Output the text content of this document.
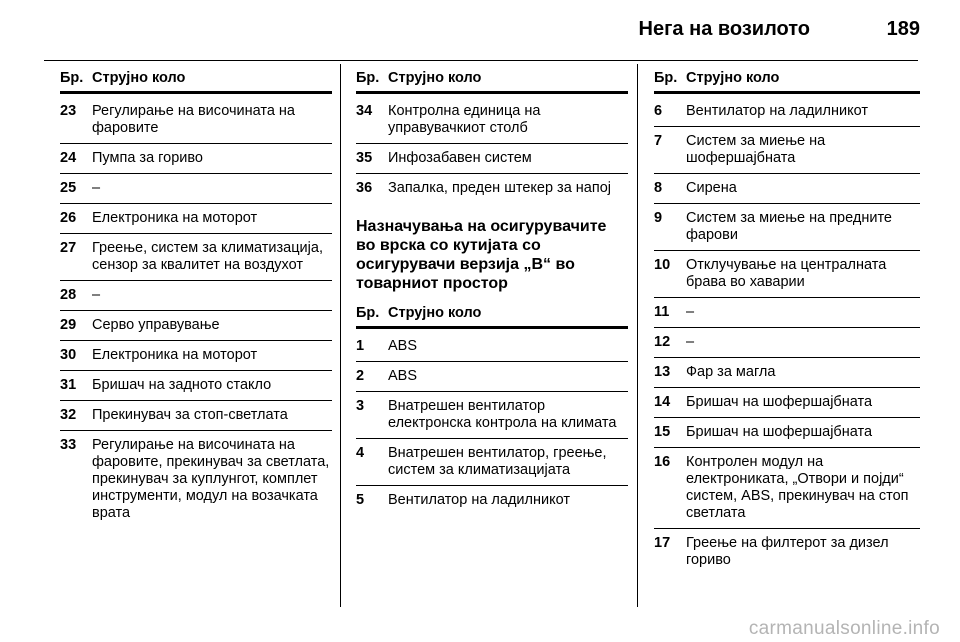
Нега на возилото	189
Бр. Струјно коло
23	Регулирање на височината на фаровите
24	Пумпа за гориво
25	–
26	Електроника на моторот
27	Греење, систем за климатизација, сензор за квалитет на воздухот
28	–
29	Серво управување
30	Електроника на моторот
31	Бришач на задното стакло
32	Прекинувач за стоп-светлата
33	Регулирање на височината на фаровите, прекинувач за светлата, прекинувач за куплунгот, комплет инструменти, модул на возачката врата
Бр. Струјно коло
34	Контролна единица на управувачкиот столб
35	Инфозабавен систем
36	Запалка, преден штекер за напој
Назначувања на осигурувачите во врска со кутијата со осигурувачи верзија „B“ во товарниот простор
Бр. Струјно коло
1	ABS
2	ABS
3	Внатрешен вентилатор електронска контрола на климата
4	Внатрешен вентилатор, греење, систем за климатизацијата
5	Вентилатор на ладилникот
Бр. Струјно коло
6	Вентилатор на ладилникот
7	Систем за миење на шофершајбната
8	Сирена
9	Систем за миење на предните фарови
10	Отклучување на централната брава во хаварии
11	–
12	–
13	Фар за магла
14	Бришач на шофершајбната
15	Бришач на шофершајбната
16	Контролен модул на електрониката, „Отвори и појди“ систем, ABS, прекинувач на стоп светлата
17	Греење на филтерот за дизел гориво
carmanualsonline.info
